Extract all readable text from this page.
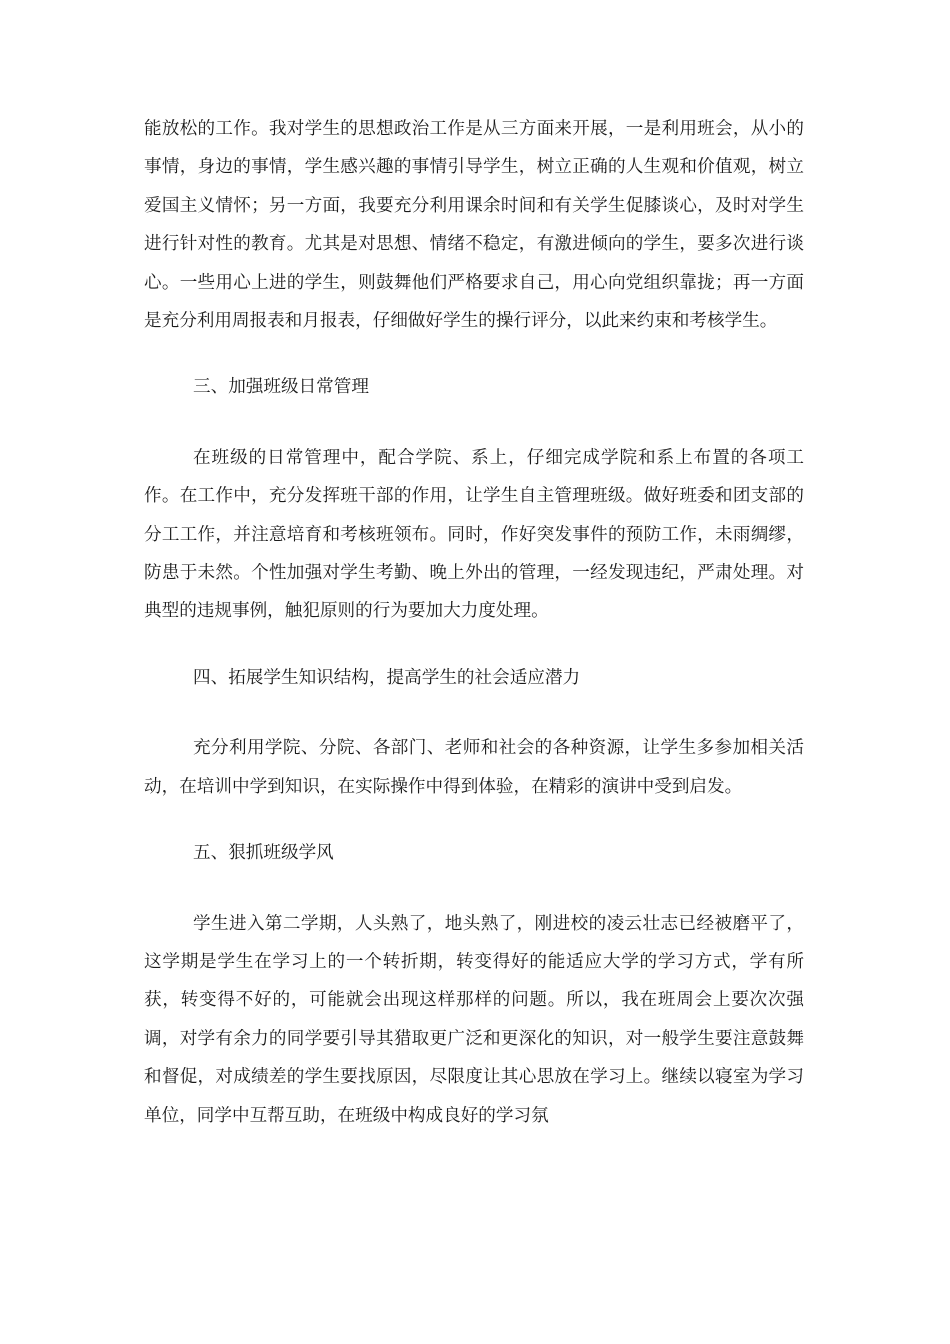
能放松的工作。我对学生的思想政治工作是从三方面来开展，一是利用班会，从小的事情，身边的事情，学生感兴趣的事情引导学生，树立正确的人生观和价值观，树立爱国主义情怀；另一方面，我要充分利用课余时间和有关学生促膝谈心，及时对学生进行针对性的教育。尤其是对思想、情绪不稳定，有激进倾向的学生，要多次进行谈心。一些用心上进的学生，则鼓舞他们严格要求自己，用心向党组织靠拢；再一方面是充分利用周报表和月报表，仔细做好学生的操行评分，以此来约束和考核学生。

三、加强班级日常管理

在班级的日常管理中，配合学院、系上，仔细完成学院和系上布置的各项工作。在工作中，充分发挥班干部的作用，让学生自主管理班级。做好班委和团支部的分工工作，并注意培育和考核班领布。同时，作好突发事件的预防工作，未雨绸缪，防患于未然。个性加强对学生考勤、晚上外出的管理，一经发现违纪，严肃处理。对典型的违规事例，触犯原则的行为要加大力度处理。

四、拓展学生知识结构，提高学生的社会适应潜力

充分利用学院、分院、各部门、老师和社会的各种资源，让学生多参加相关活动，在培训中学到知识，在实际操作中得到体验，在精彩的演讲中受到启发。

五、狠抓班级学风

学生进入第二学期，人头熟了，地头熟了，刚进校的凌云壮志已经被磨平了，这学期是学生在学习上的一个转折期，转变得好的能适应大学的学习方式，学有所获，转变得不好的，可能就会出现这样那样的问题。所以，我在班周会上要次次强调，对学有余力的同学要引导其猎取更广泛和更深化的知识，对一般学生要注意鼓舞和督促，对成绩差的学生要找原因，尽限度让其心思放在学习上。继续以寝室为学习单位，同学中互帮互助，在班级中构成良好的学习氛
